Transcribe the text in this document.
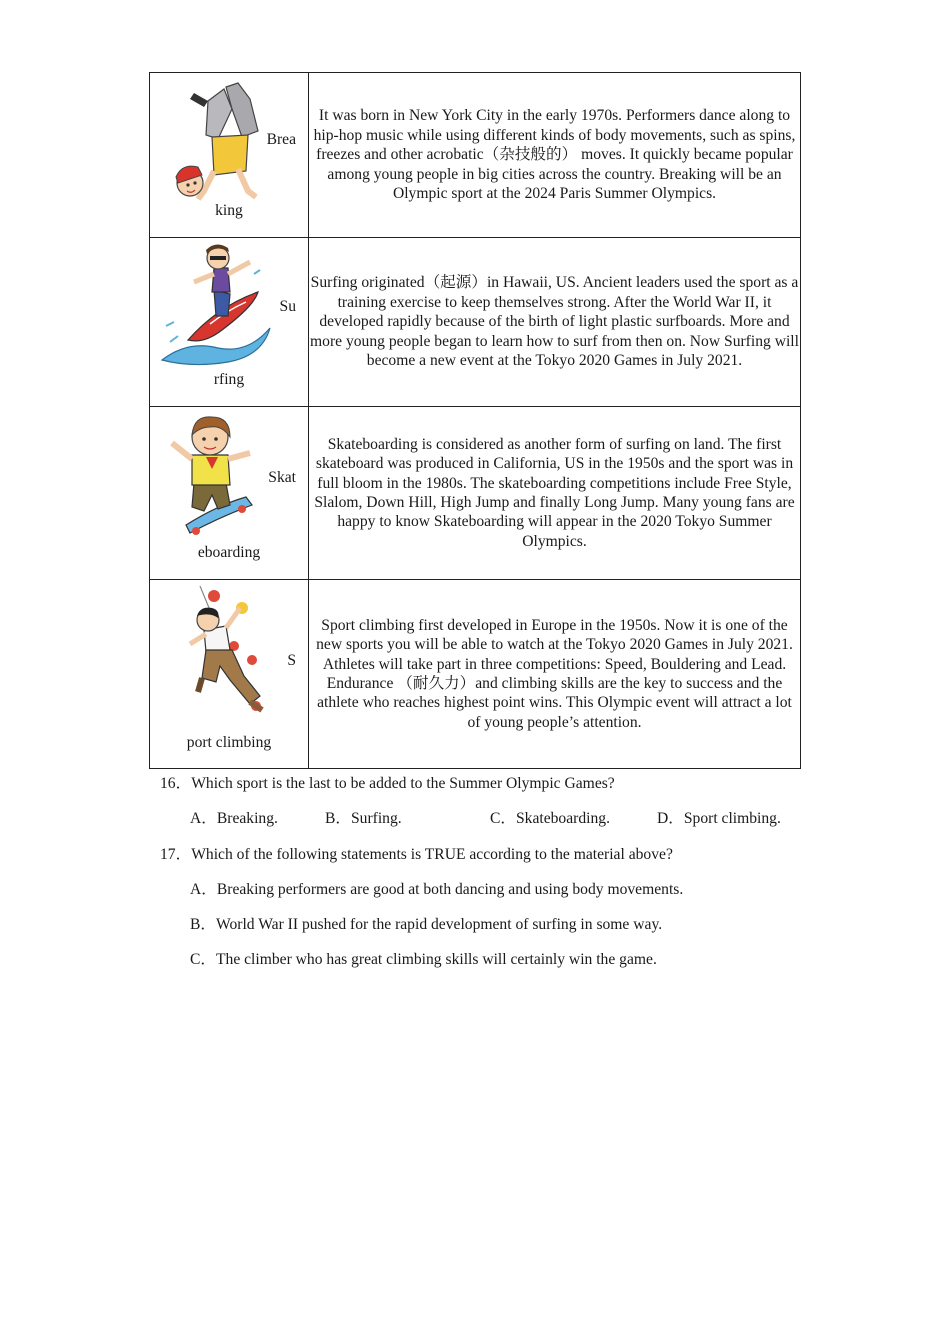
Brea
king	It was born in New York City in the early 1970s. Performers dance along to hip-hop music while using different kinds of body movements, such as spins, freezes and other acrobatic（杂技般的） moves. It quickly became popular among young people in big cities across the country. Breaking will be an Olympic sport at the 2024 Paris Summer Olympics.

Su
rfing	Surfing originated（起源）in Hawaii, US. Ancient leaders used the sport as a training exercise to keep themselves strong. After the World War II, it developed rapidly because of the birth of light plastic surfboards. More and more young people began to learn how to surf from then on. Now Surfing will become a new event at the Tokyo 2020 Games in July 2021.

Skat
eboarding	Skateboarding is considered as another form of surfing on land. The first skateboard was produced in California, US in the 1950s and the sport was in full bloom in the 1980s. The skateboarding competitions include Free Style, Slalom, Down Hill, High Jump and finally Long Jump. Many young fans are happy to know Skateboarding will appear in the 2020 Tokyo Summer Olympics.

S
port climbing	Sport climbing first developed in Europe in the 1950s. Now it is one of the new sports you will be able to watch at the Tokyo 2020 Games in July 2021. Athletes will take part in three competitions: Speed, Bouldering and Lead. Endurance （耐久力）and climbing skills are the key to success and the athlete who reaches highest point wins. This Olympic event will attract a lot of young people’s attention.
16．Which sport is the last to be added to the Summer Olympic Games?
A．Breaking.	B．Surfing.	C．Skateboarding.	D．Sport climbing.
17．Which of the following statements is TRUE according to the material above?
A．Breaking performers are good at both dancing and using body movements.
B．World War II pushed for the rapid development of surfing in some way.
C．The climber who has great climbing skills will certainly win the game.
